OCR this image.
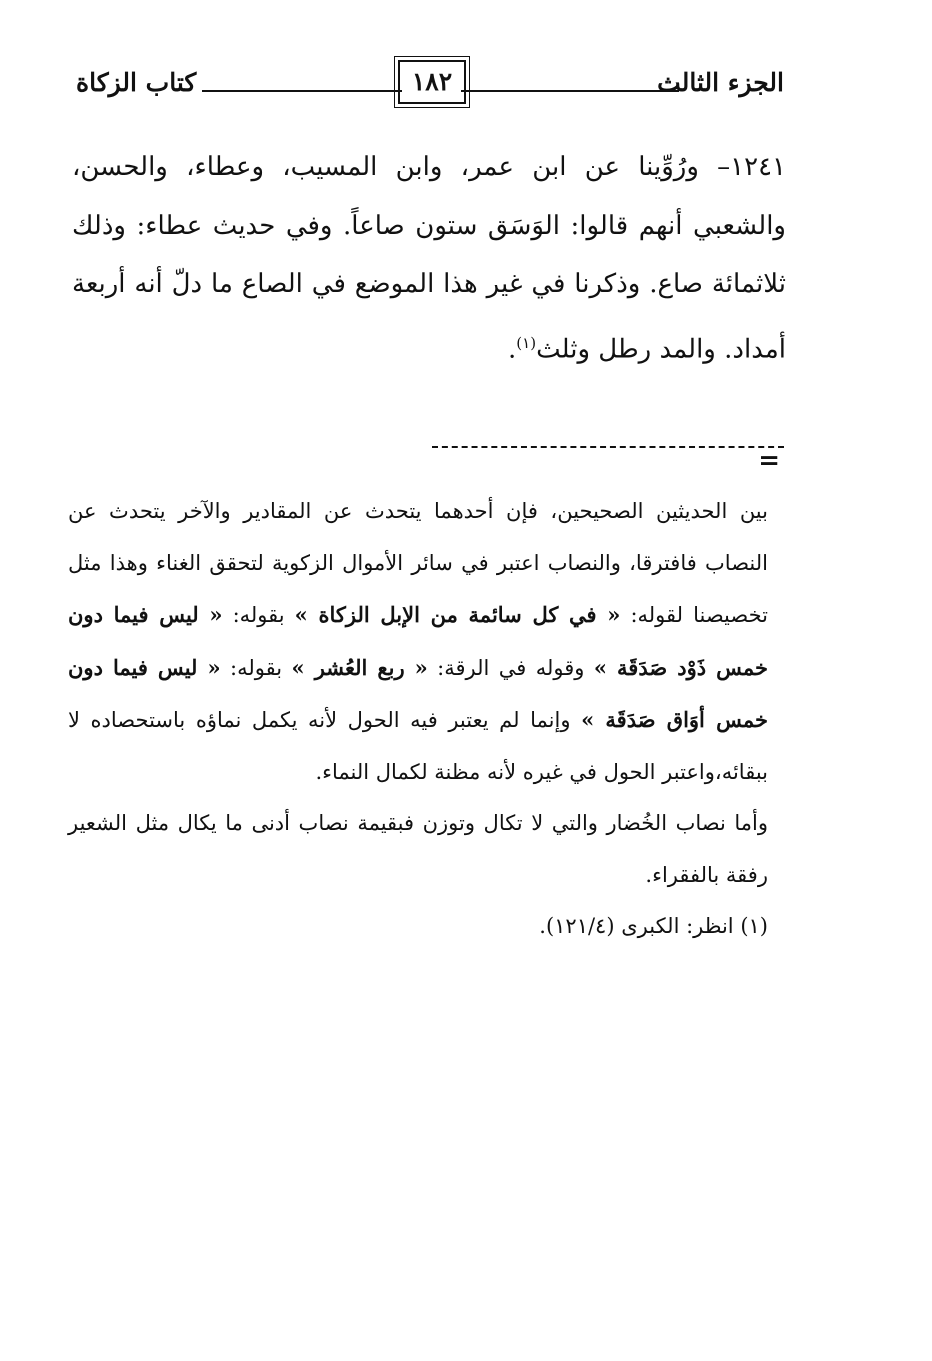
الجزء الثالث
١٨٢
كتاب الزكاة

١٢٤١– ورُوِّينا عن ابن عمر، وابن المسيب، وعطاء، والحسن، والشعبي أنهم قالوا: الوَسَق ستون صاعاً. وفي حديث عطاء: وذلك ثلاثمائة صاع. وذكرنا في غير هذا الموضع في الصاع ما دلّ أنه أربعة أمداد. والمد رطل وثلث$^{(١)}$.

=

بين الحديثين الصحيحين، فإن أحدهما يتحدث عن المقادير والآخر يتحدث عن النصاب فافترقا، والنصاب اعتبر في سائر الأموال الزكوية لتحقق الغناء وهذا مثل تخصيصنا لقوله: « في كل سائمة من الإبل الزكاة » بقوله: « ليس فيما دون خمس ذَوْد صَدَقَة » وقوله في الرقة: « ربع العُشر » بقوله: « ليس فيما دون خمس أوَاق صَدَقَة » وإنما لم يعتبر فيه الحول لأنه يكمل نماؤه باستحصاده لا ببقائه،واعتبر الحول في غيره لأنه مظنة لكمال النماء.

وأما نصاب الخُضار والتي لا تكال وتوزن فبقيمة نصاب أدنى ما يكال مثل الشعير رفقة بالفقراء.

(١) انظر: الكبرى (١٢١/٤).
